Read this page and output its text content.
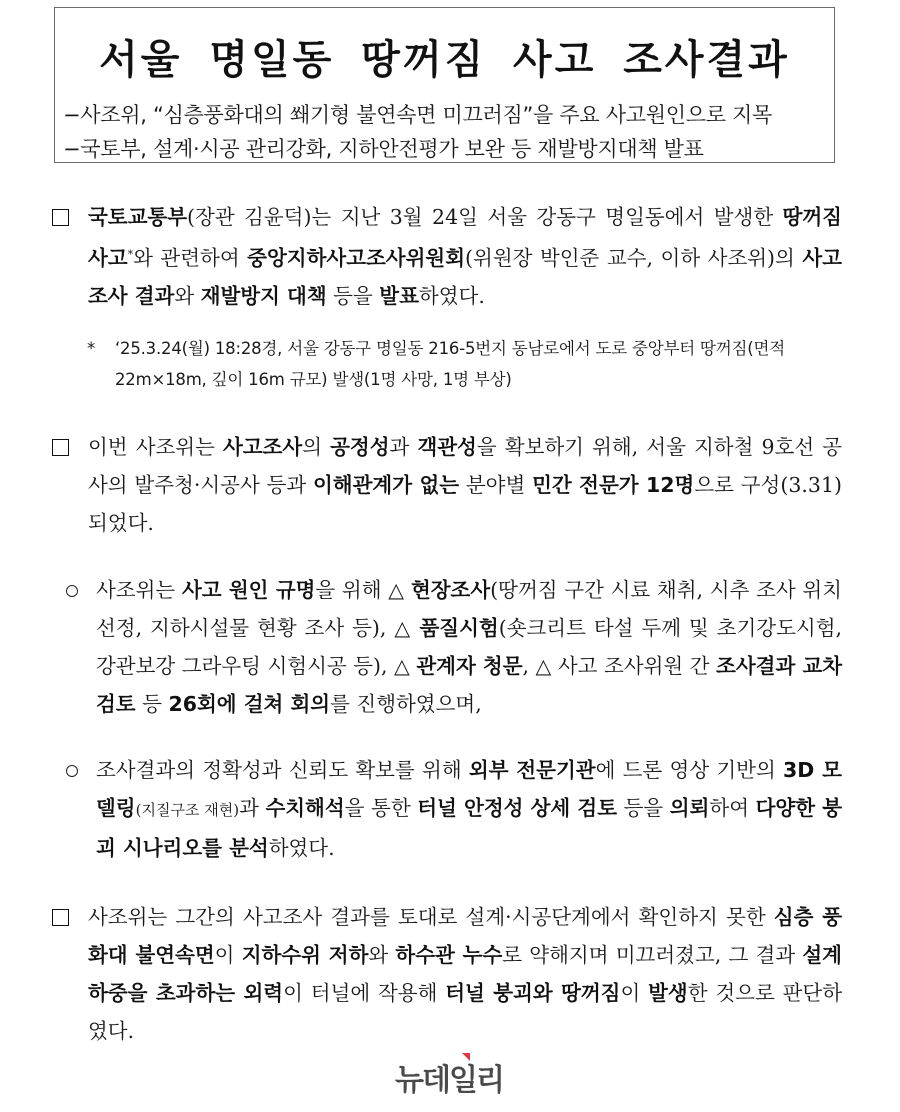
서울 명일동 땅꺼짐 사고 조사결과
−사조위, “심층풍화대의 쐐기형 불연속면 미끄러짐”을 주요 사고원인으로 지목
−국토부, 설계·시공 관리강화, 지하안전평가 보완 등 재발방지대책 발표
국토교통부(장관 김윤덕)는 지난 3월 24일 서울 강동구 명일동에서 발생한 땅꺼짐 사고*와 관련하여 중앙지하사고조사위원회(위원장 박인준 교수, 이하 사조위)의 사고조사 결과와 재발방지 대책 등을 발표하였다.
* ‘25.3.24(월) 18:28경, 서울 강동구 명일동 216-5번지 동남로에서 도로 중앙부터 땅꺼짐(면적22m×18m, 깊이 16m 규모) 발생(1명 사망, 1명 부상)
이번 사조위는 사고조사의 공정성과 객관성을 확보하기 위해, 서울 지하철 9호선 공사의 발주청·시공사 등과 이해관계가 없는 분야별 민간 전문가 12명으로 구성(3.31)되었다.
사조위는 사고 원인 규명을 위해 △ 현장조사(땅꺼짐 구간 시료 채취, 시추 조사 위치 선정, 지하시설물 현황 조사 등), △ 품질시험(숏크리트 타설 두께 및 초기강도시험, 강관보강 그라우팅 시험시공 등), △ 관계자 청문, △ 사고 조사위원 간 조사결과 교차 검토 등 26회에 걸쳐 회의를 진행하였으며,
조사결과의 정확성과 신뢰도 확보를 위해 외부 전문기관에 드론 영상 기반의 3D 모델링(지질구조 재현)과 수치해석을 통한 터널 안정성 상세 검토 등을 의뢰하여 다양한 붕괴 시나리오를 분석하였다.
사조위는 그간의 사고조사 결과를 토대로 설계·시공단계에서 확인하지 못한 심층 풍화대 불연속면이 지하수위 저하와 하수관 누수로 약해지며 미끄러졌고, 그 결과 설계하중을 초과하는 외력이 터널에 작용해 터널 붕괴와 땅꺼짐이 발생한 것으로 판단하였다.
뉴데일리
